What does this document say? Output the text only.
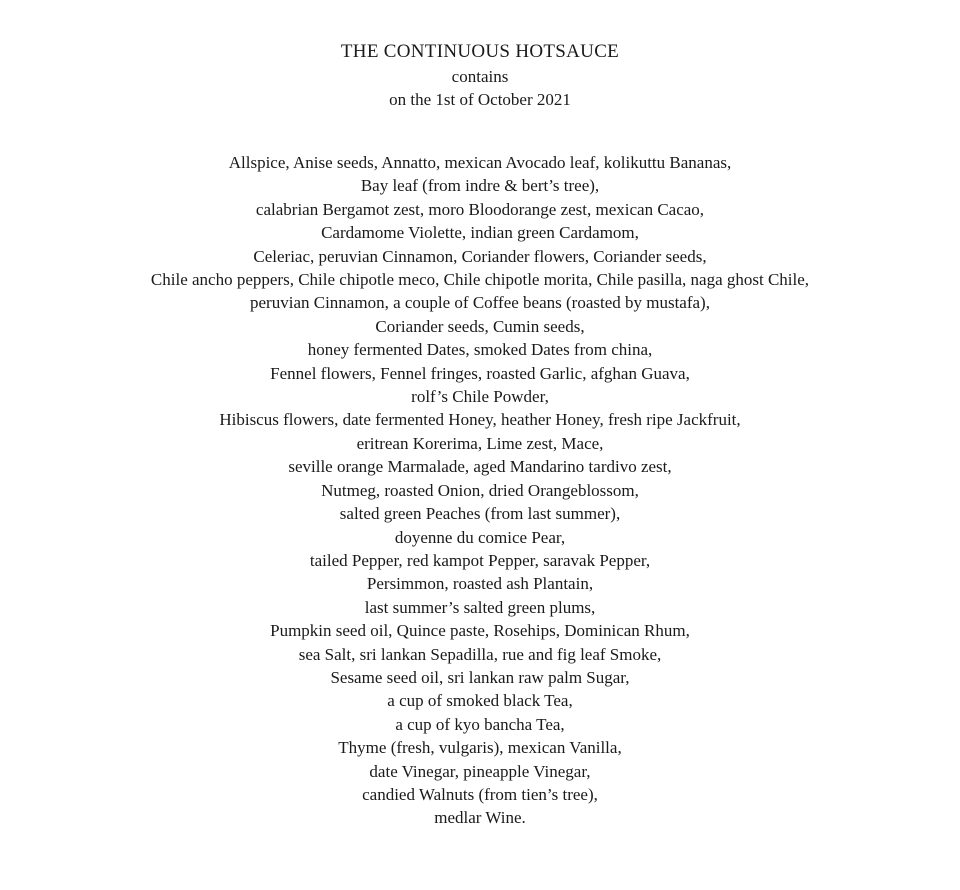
THE CONTINUOUS HOTSAUCE

contains

on the 1st of October 2021

Allspice, Anise seeds, Annatto, mexican Avocado leaf, kolikuttu Bananas,
Bay leaf (from indre & bert’s tree),
calabrian Bergamot zest, moro Bloodorange zest, mexican Cacao,
Cardamome Violette, indian green Cardamom,
Celeriac, peruvian Cinnamon, Coriander flowers, Coriander seeds,
Chile ancho peppers, Chile chipotle meco, Chile chipotle morita, Chile pasilla, naga ghost Chile,
peruvian Cinnamon, a couple of Coffee beans (roasted by mustafa),
Coriander seeds, Cumin seeds,
honey fermented Dates, smoked Dates from china,
Fennel flowers, Fennel fringes, roasted Garlic, afghan Guava,
rolf’s Chile Powder,
Hibiscus flowers, date fermented Honey, heather Honey, fresh ripe Jackfruit,
eritrean Korerima, Lime zest, Mace,
seville orange Marmalade, aged Mandarino tardivo zest,
Nutmeg, roasted Onion, dried Orangeblossom,
salted green Peaches (from last summer),
doyenne du comice Pear,
tailed Pepper, red kampot Pepper, saravak Pepper,
Persimmon, roasted ash Plantain,
last summer’s salted green plums,
Pumpkin seed oil, Quince paste, Rosehips, Dominican Rhum,
sea Salt, sri lankan Sepadilla, rue and fig leaf Smoke,
Sesame seed oil, sri lankan raw palm Sugar,
a cup of smoked black Tea,
a cup of kyo bancha Tea,
Thyme (fresh, vulgaris), mexican Vanilla,
date Vinegar, pineapple Vinegar,
candied Walnuts (from tien’s tree),
medlar Wine.
